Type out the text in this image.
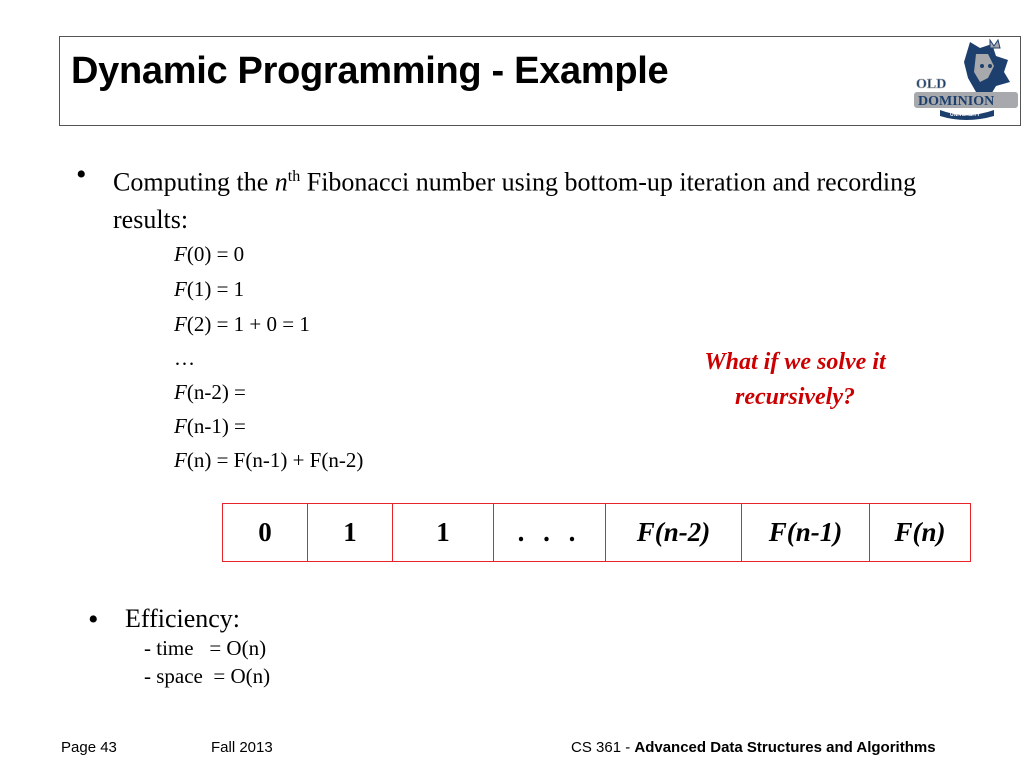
Dynamic Programming - Example	OLD
DOMINION
UNIVERSITY
• Computing the $n^{th}$ Fibonacci number using bottom-up iteration and recording results:
F(0) = 0
F(1) = 1
F(2) = 1 + 0 = 1
…
F(n-2) =
F(n-1) =
F(n) = F(n-1) + F(n-2)
What if we solve it
recursively?
0	1	1	. . .	F(n-2)	F(n-1)	F(n)
• Efficiency:
- time   = O(n)
- space  = O(n)
Page 43	Fall 2013	CS 361 - Advanced Data Structures and Algorithms
